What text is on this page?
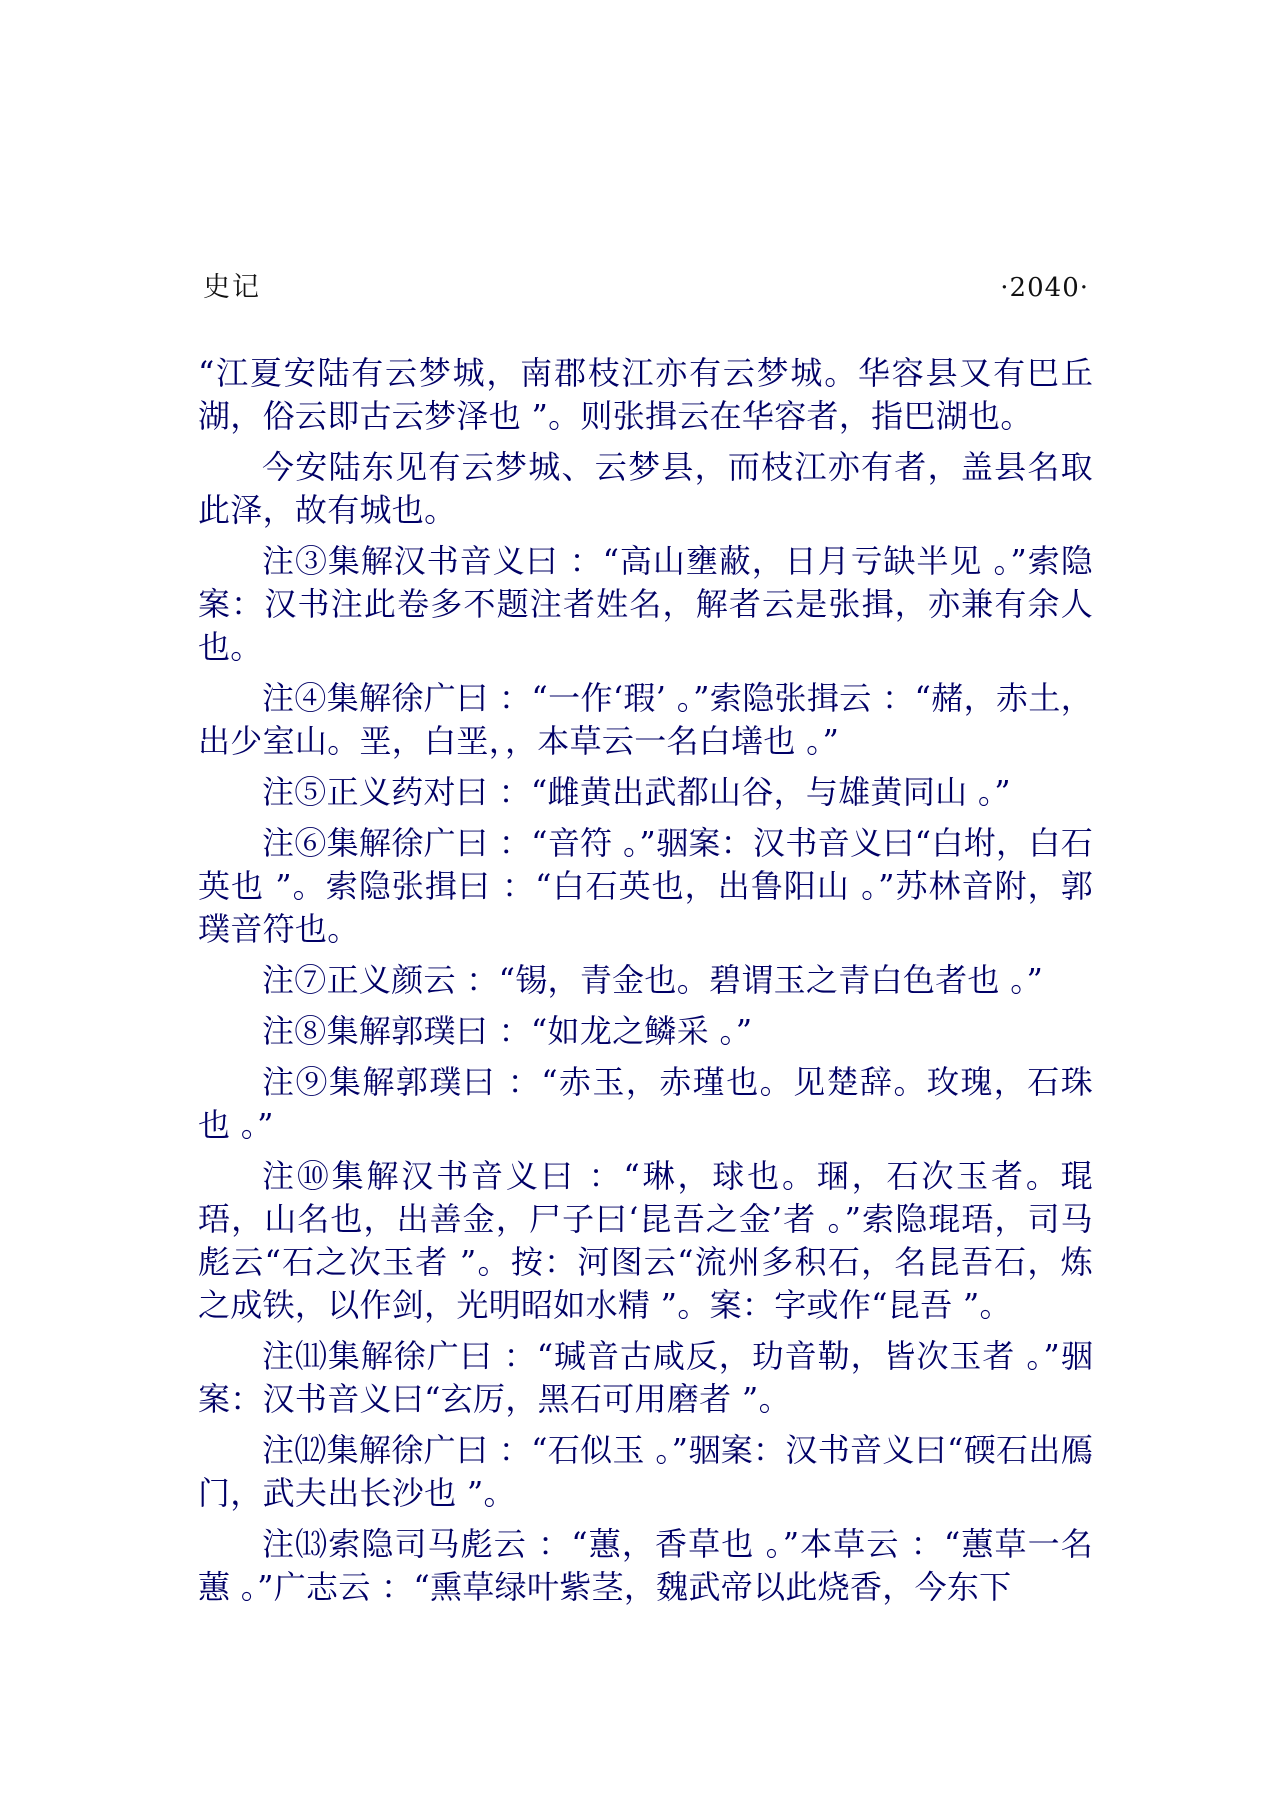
史记	·2040·

“江夏安陆有云梦城，南郡枝江亦有云梦城。华容县又有巴丘湖，俗云即古云梦泽也 ”。则张揖云在华容者，指巴湖也。

今安陆东见有云梦城、云梦县，而枝江亦有者，盖县名取此泽，故有城也。

注③集解汉书音义曰 ：“高山壅蔽，日月亏缺半见 。”索隐案：汉书注此卷多不题注者姓名，解者云是张揖，亦兼有余人也。

注④集解徐广曰 ：“一作‘瑕’ 。”索隐张揖云 ：“赭，赤土，出少室山。垩，白垩，，本草云一名白墡也 。”

注⑤正义药对曰 ：“雌黄出武都山谷，与雄黄同山 。”

注⑥集解徐广曰 ：“音符 。”骃案：汉书音义曰“白坿，白石英也 ”。索隐张揖曰 ：“白石英也，出鲁阳山 。”苏林音附，郭璞音符也。

注⑦正义颜云 ：“锡，青金也。碧谓玉之青白色者也 。”

注⑧集解郭璞曰 ：“如龙之鳞采 。”

注⑨集解郭璞曰 ：“赤玉，赤瑾也。见楚辞。玫瑰，石珠也 。”

注⑩集解汉书音义曰 ：“琳，球也。㻒，石次玉者。琨珸，山名也，出善金，尸子曰‘昆吾之金’者 。”索隐琨珸，司马彪云“石之次玉者 ”。按：河图云“流州多积石，名昆吾石，炼之成铁，以作剑，光明昭如水精 ”。案：字或作“昆吾 ”。

注⑾集解徐广曰 ：“瑊音古咸反，玏音勒，皆次玉者 。”骃案：汉书音义曰“玄厉，黑石可用磨者 ”。

注⑿集解徐广曰 ：“石似玉 。”骃案：汉书音义曰“碝石出鴈门，武夫出长沙也 ”。

注⒀索隐司马彪云 ：“蕙，香草也 。”本草云 ：“蕙草一名蕙 。”广志云 ：“熏草绿叶紫茎，魏武帝以此烧香，今东下
